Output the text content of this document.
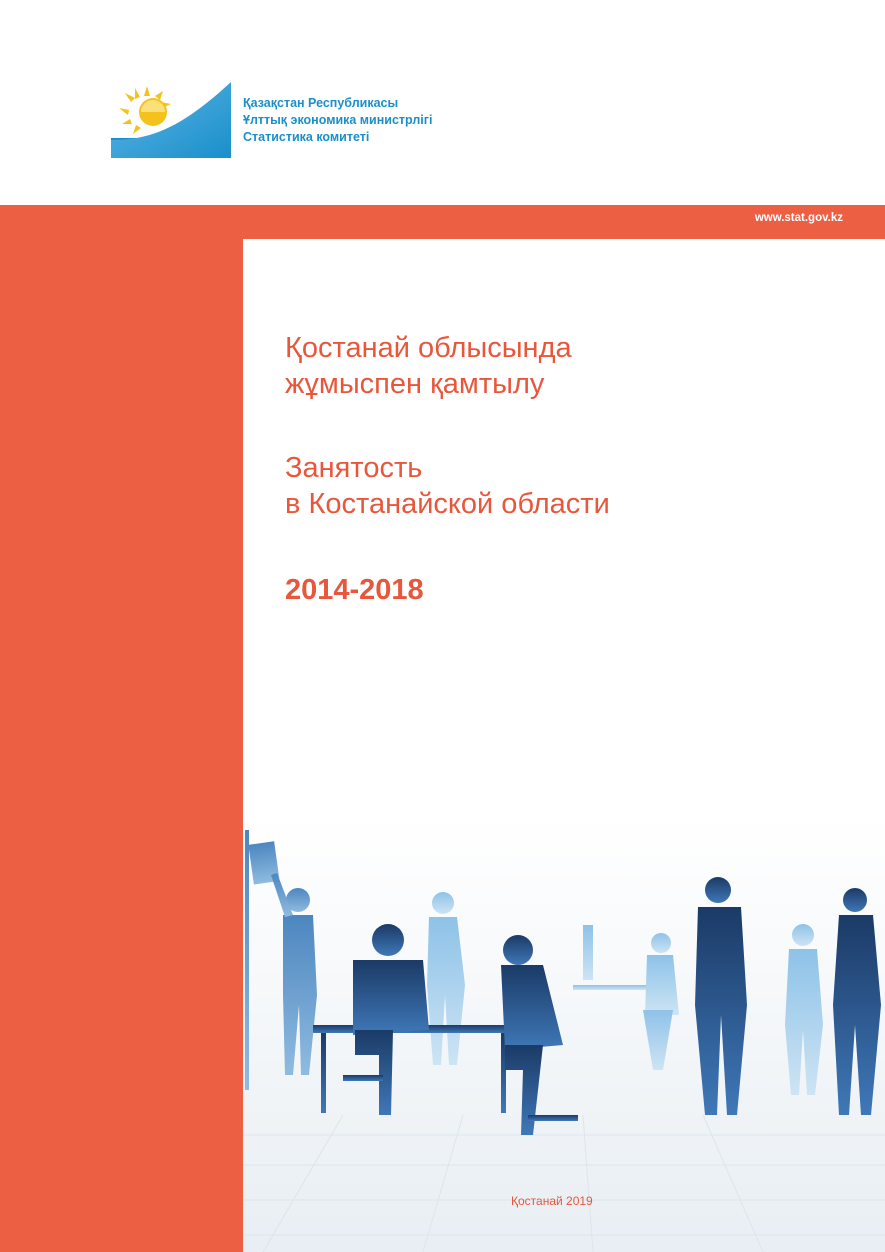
Қазақстан Республикасы
Ұлттық экономика министрлігі
Статистика комитеті
www.stat.gov.kz
Қостанай облысында
жұмыспен қамтылу
Занятость
в Костанайской области
2014-2018
Қостанай 2019
